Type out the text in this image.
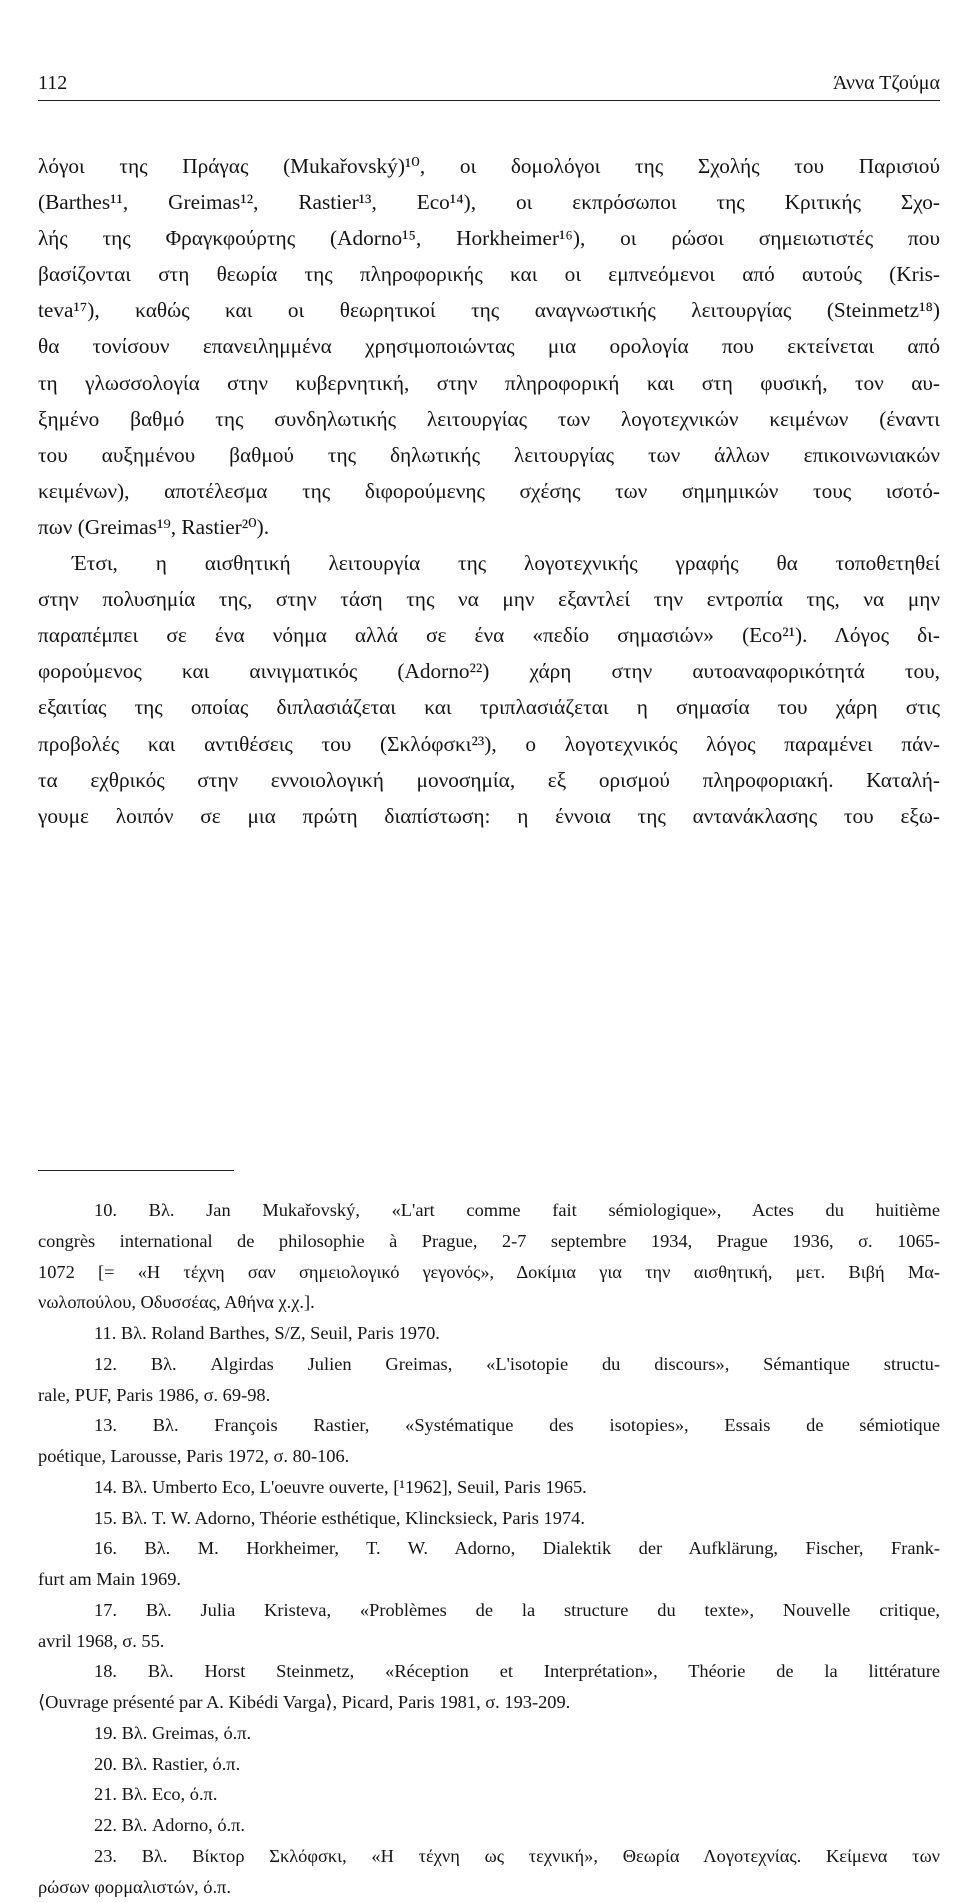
112	Άννα Τζούμα
λόγοι της Πράγας (Mukařovský)¹⁰, οι δομολόγοι της Σχολής του Παρισιού
(Barthes¹¹, Greimas¹², Rastier¹³, Eco¹⁴), οι εκπρόσωποι της Κριτικής Σχο-
λής της Φραγκφούρτης (Adorno¹⁵, Horkheimer¹⁶), οι ρώσοι σημειωτιστές που
βασίζονται στη θεωρία της πληροφορικής και οι εμπνεόμενοι από αυτούς (Kris-
teva¹⁷), καθώς και οι θεωρητικοί της αναγνωστικής λειτουργίας (Steinmetz¹⁸)
θα τονίσουν επανειλημμένα χρησιμοποιώντας μια ορολογία που εκτείνεται από
τη γλωσσολογία στην κυβερνητική, στην πληροφορική και στη φυσική, τον αυ-
ξημένο βαθμό της συνδηλωτικής λειτουργίας των λογοτεχνικών κειμένων (έναντι
του αυξημένου βαθμού της δηλωτικής λειτουργίας των άλλων επικοινωνιακών
κειμένων), αποτέλεσμα της διφορούμενης σχέσης των σημημικών τους ισοτό-
πων (Greimas¹⁹, Rastier²⁰).
Έτσι, η αισθητική λειτουργία της λογοτεχνικής γραφής θα τοποθετηθεί
στην πολυσημία της, στην τάση της να μην εξαντλεί την εντροπία της, να μην
παραπέμπει σε ένα νόημα αλλά σε ένα «πεδίο σημασιών» (Eco²¹). Λόγος δι-
φορούμενος και αινιγματικός (Adorno²²) χάρη στην αυτοαναφορικότητά του,
εξαιτίας της οποίας διπλασιάζεται και τριπλασιάζεται η σημασία του χάρη στις
προβολές και αντιθέσεις του (Σκλόφσκι²³), ο λογοτεχνικός λόγος παραμένει πάν-
τα εχθρικός στην εννοιολογική μονοσημία, εξ ορισμού πληροφοριακή. Καταλή-
γουμε λοιπόν σε μια πρώτη διαπίστωση: η έννοια της αντανάκλασης του εξω-
10. Βλ. Jan Mukařovský, «L'art comme fait sémiologique», Actes du huitième
congrès international de philosophie à Prague, 2-7 septembre 1934, Prague 1936, σ. 1065-
1072 [= «Η τέχνη σαν σημειολογικό γεγονός», Δοκίμια για την αισθητική, μετ. Βιβή Μα-
νωλοπούλου, Οδυσσέας, Αθήνα χ.χ.].
11. Βλ. Roland Barthes, S/Z, Seuil, Paris 1970.
12. Βλ. Algirdas Julien Greimas, «L'isotopie du discours», Sémantique structu-
rale, PUF, Paris 1986, σ. 69-98.
13. Βλ. François Rastier, «Systématique des isotopies», Essais de sémiotique
poétique, Larousse, Paris 1972, σ. 80-106.
14. Βλ. Umberto Eco, L'oeuvre ouverte, [¹1962], Seuil, Paris 1965.
15. Βλ. T. W. Adorno, Théorie esthétique, Klincksieck, Paris 1974.
16. Βλ. M. Horkheimer, T. W. Adorno, Dialektik der Aufklärung, Fischer, Frank-
furt am Main 1969.
17. Βλ. Julia Kristeva, «Problèmes de la structure du texte», Nouvelle critique,
avril 1968, σ. 55.
18. Βλ. Horst Steinmetz, «Réception et Interprétation», Théorie de la littérature
⟨Ouvrage présenté par A. Kibédi Varga⟩, Picard, Paris 1981, σ. 193-209.
19. Βλ. Greimas, ό.π.
20. Βλ. Rastier, ό.π.
21. Βλ. Eco, ό.π.
22. Βλ. Adorno, ό.π.
23. Βλ. Βίκτορ Σκλόφσκι, «Η τέχνη ως τεχνική», Θεωρία Λογοτεχνίας. Κείμενα των
ρώσων φορμαλιστών, ό.π.
